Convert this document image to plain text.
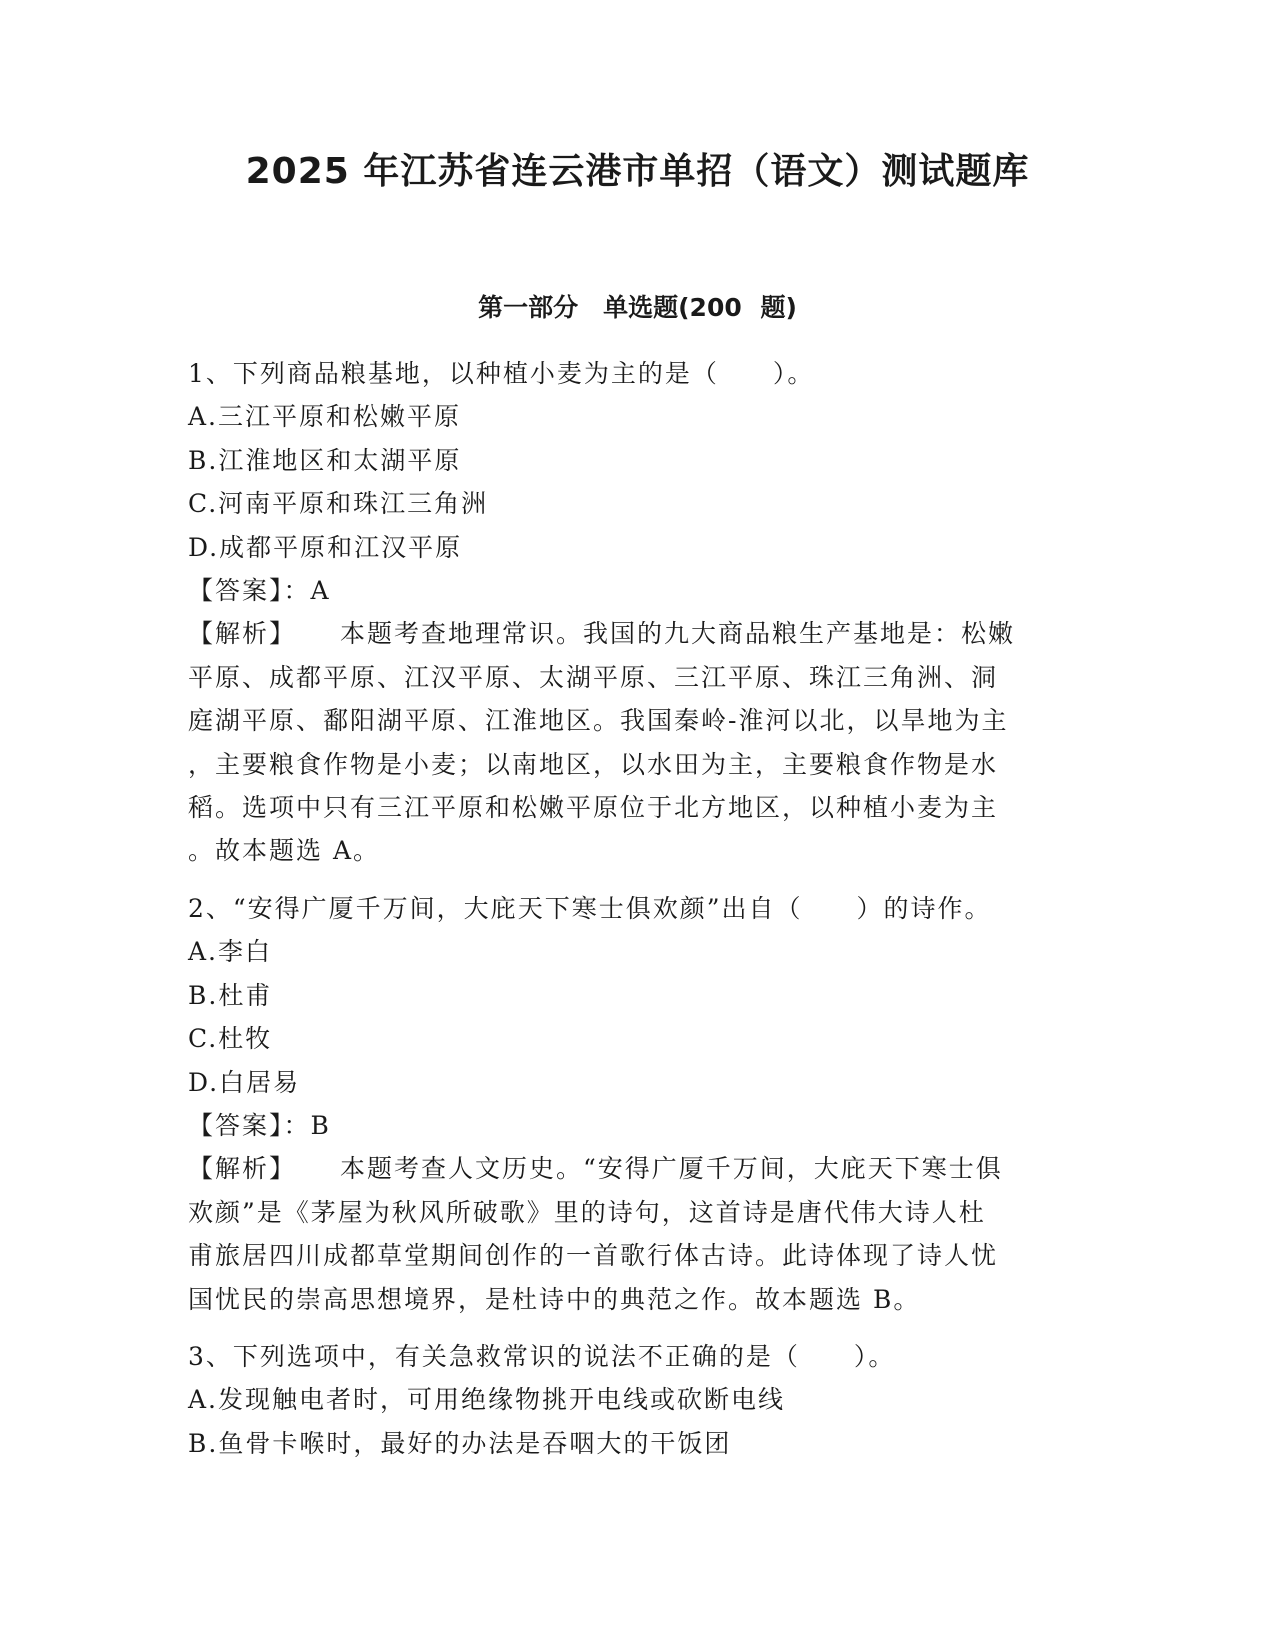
2025 年江苏省连云港市单招（语文）测试题库
第一部分　单选题(200 题)

1、下列商品粮基地，以种植小麦为主的是（　　）。

A.三江平原和松嫩平原

B.江淮地区和太湖平原

C.河南平原和珠江三角洲

D.成都平原和江汉平原

【答案】：A

【解析】 本题考查地理常识。我国的九大商品粮生产基地是：松嫩

平原、成都平原、江汉平原、太湖平原、三江平原、珠江三角洲、洞

庭湖平原、鄱阳湖平原、江淮地区。我国秦岭-淮河以北，以旱地为主

，主要粮食作物是小麦；以南地区，以水田为主，主要粮食作物是水

稻。选项中只有三江平原和松嫩平原位于北方地区，以种植小麦为主

。故本题选 A。

2、“安得广厦千万间，大庇天下寒士俱欢颜”出自（　　）的诗作。

A.李白

B.杜甫

C.杜牧

D.白居易

【答案】：B

【解析】 本题考查人文历史。“安得广厦千万间，大庇天下寒士俱

欢颜”是《茅屋为秋风所破歌》里的诗句，这首诗是唐代伟大诗人杜

甫旅居四川成都草堂期间创作的一首歌行体古诗。此诗体现了诗人忧

国忧民的崇高思想境界，是杜诗中的典范之作。故本题选 B。

3、下列选项中，有关急救常识的说法不正确的是（　　）。

A.发现触电者时，可用绝缘物挑开电线或砍断电线

B.鱼骨卡喉时，最好的办法是吞咽大的干饭团
